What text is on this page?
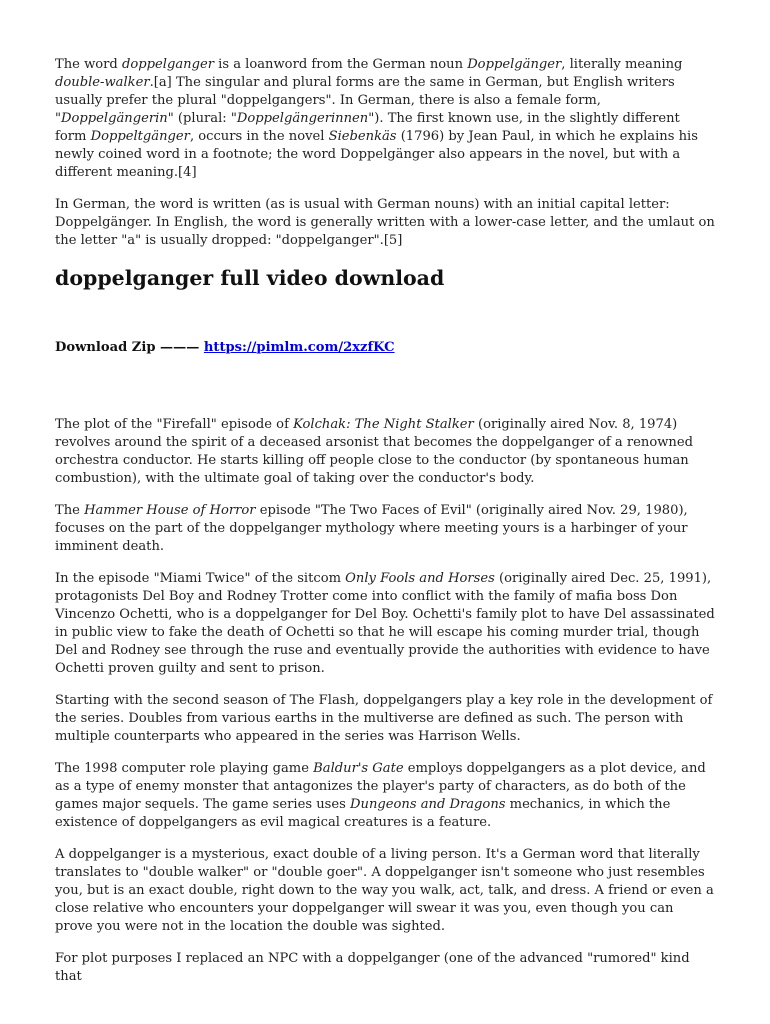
The word doppelganger is a loanword from the German noun Doppelgänger, literally meaning double-walker.[a] The singular and plural forms are the same in German, but English writers usually prefer the plural "doppelgangers". In German, there is also a female form, "Doppelgängerin" (plural: "Doppelgängerinnen"). The first known use, in the slightly different form Doppeltgänger, occurs in the novel Siebenkäs (1796) by Jean Paul, in which he explains his newly coined word in a footnote; the word Doppelgänger also appears in the novel, but with a different meaning.[4]

In German, the word is written (as is usual with German nouns) with an initial capital letter: Doppelgänger. In English, the word is generally written with a lower-case letter, and the umlaut on the letter "a" is usually dropped: "doppelganger".[5]

doppelganger full video download
Download Zip ——— https://pimlm.com/2xzfKC

The plot of the "Firefall" episode of Kolchak: The Night Stalker (originally aired Nov. 8, 1974) revolves around the spirit of a deceased arsonist that becomes the doppelganger of a renowned orchestra conductor. He starts killing off people close to the conductor (by spontaneous human combustion), with the ultimate goal of taking over the conductor's body.

The Hammer House of Horror episode "The Two Faces of Evil" (originally aired Nov. 29, 1980), focuses on the part of the doppelganger mythology where meeting yours is a harbinger of your imminent death.

In the episode "Miami Twice" of the sitcom Only Fools and Horses (originally aired Dec. 25, 1991), protagonists Del Boy and Rodney Trotter come into conflict with the family of mafia boss Don Vincenzo Ochetti, who is a doppelganger for Del Boy. Ochetti's family plot to have Del assassinated in public view to fake the death of Ochetti so that he will escape his coming murder trial, though Del and Rodney see through the ruse and eventually provide the authorities with evidence to have Ochetti proven guilty and sent to prison.

Starting with the second season of The Flash, doppelgangers play a key role in the development of the series. Doubles from various earths in the multiverse are defined as such. The person with multiple counterparts who appeared in the series was Harrison Wells.

The 1998 computer role playing game Baldur's Gate employs doppelgangers as a plot device, and as a type of enemy monster that antagonizes the player's party of characters, as do both of the games major sequels. The game series uses Dungeons and Dragons mechanics, in which the existence of doppelgangers as evil magical creatures is a feature.

A doppelganger is a mysterious, exact double of a living person. It's a German word that literally translates to "double walker" or "double goer". A doppelganger isn't someone who just resembles you, but is an exact double, right down to the way you walk, act, talk, and dress. A friend or even a close relative who encounters your doppelganger will swear it was you, even though you can prove you were not in the location the double was sighted.

For plot purposes I replaced an NPC with a doppelganger (one of the advanced "rumored" kind that
